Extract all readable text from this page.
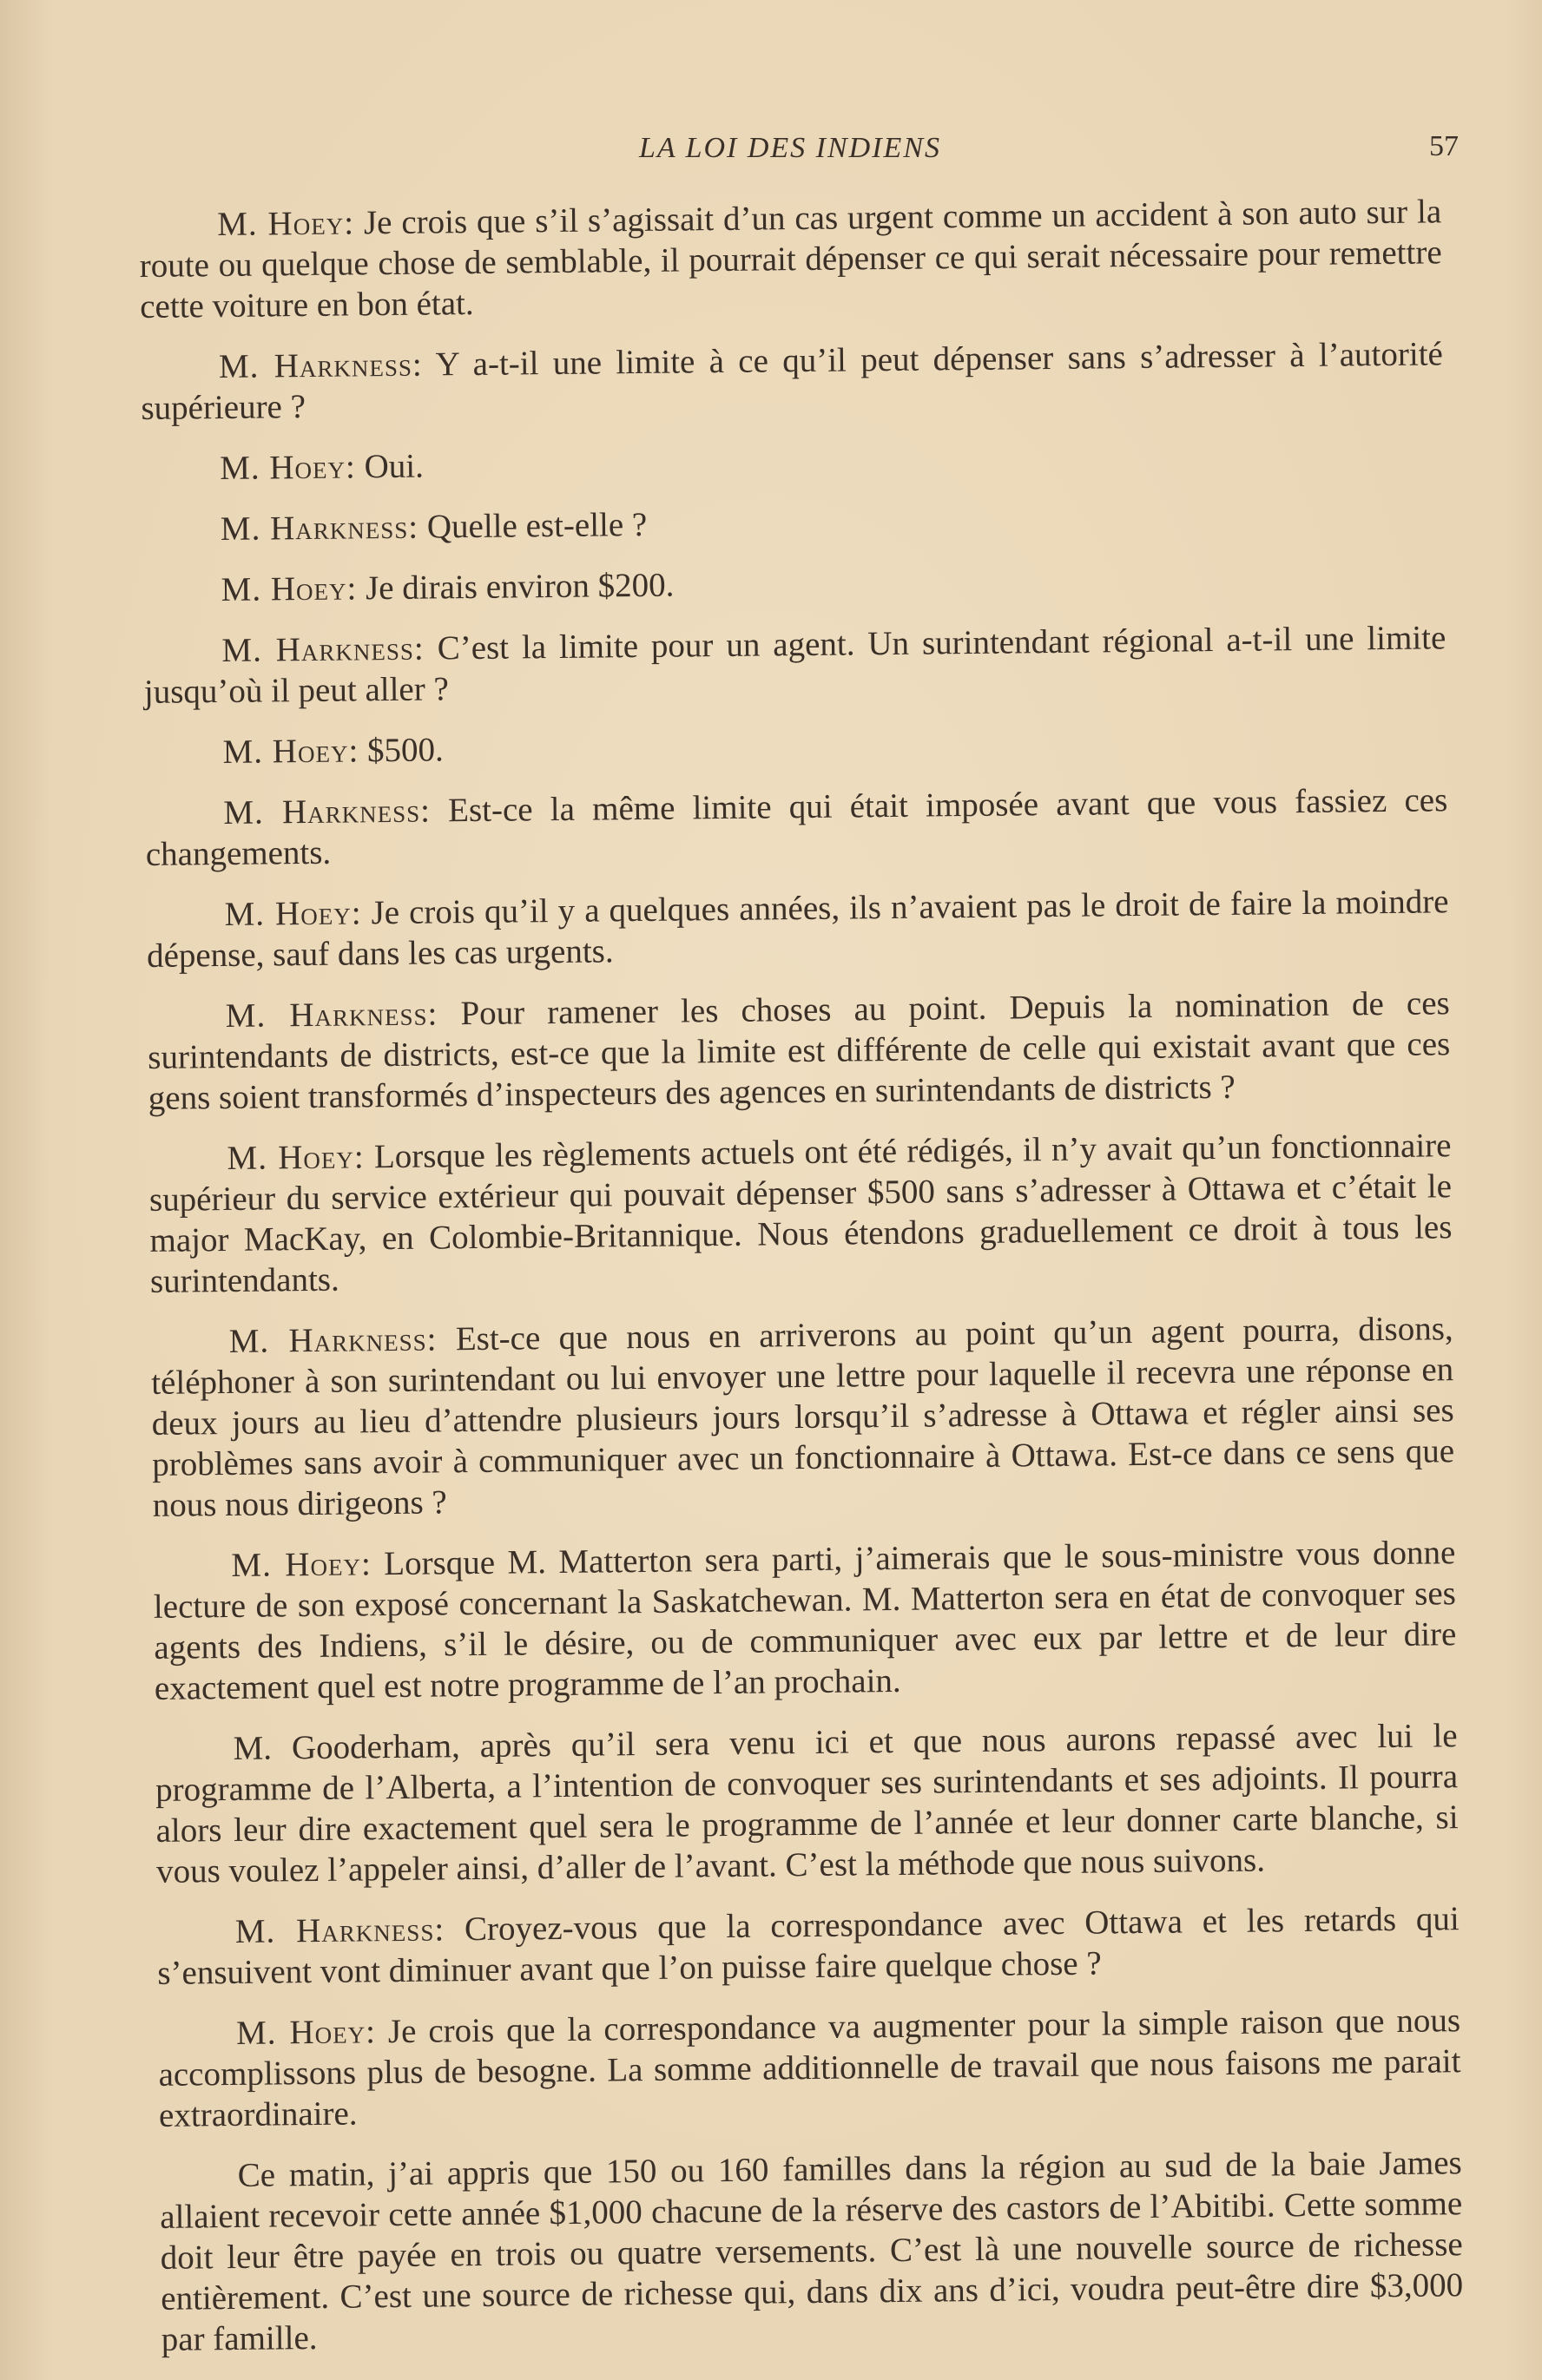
LA LOI DES INDIENS	57

M. Hoey: Je crois que s’il s’agissait d’un cas urgent comme un accident à son auto sur la route ou quelque chose de semblable, il pourrait dépenser ce qui serait nécessaire pour remettre cette voiture en bon état.

M. Harkness: Y a-t-il une limite à ce qu’il peut dépenser sans s’adresser à l’autorité supérieure ?

M. Hoey: Oui.

M. Harkness: Quelle est-elle ?

M. Hoey: Je dirais environ $200.

M. Harkness: C’est la limite pour un agent. Un surintendant régional a-t-il une limite jusqu’où il peut aller ?

M. Hoey: $500.

M. Harkness: Est-ce la même limite qui était imposée avant que vous fassiez ces changements.

M. Hoey: Je crois qu’il y a quelques années, ils n’avaient pas le droit de faire la moindre dépense, sauf dans les cas urgents.

M. Harkness: Pour ramener les choses au point. Depuis la nomination de ces surintendants de districts, est-ce que la limite est différente de celle qui existait avant que ces gens soient transformés d’inspecteurs des agences en surintendants de districts ?

M. Hoey: Lorsque les règlements actuels ont été rédigés, il n’y avait qu’un fonctionnaire supérieur du service extérieur qui pouvait dépenser $500 sans s’adresser à Ottawa et c’était le major MacKay, en Colombie-Britannique. Nous étendons graduellement ce droit à tous les surintendants.

M. Harkness: Est-ce que nous en arriverons au point qu’un agent pourra, disons, téléphoner à son surintendant ou lui envoyer une lettre pour laquelle il recevra une réponse en deux jours au lieu d’attendre plusieurs jours lorsqu’il s’adresse à Ottawa et régler ainsi ses problèmes sans avoir à communiquer avec un fonctionnaire à Ottawa. Est-ce dans ce sens que nous nous dirigeons ?

M. Hoey: Lorsque M. Matterton sera parti, j’aimerais que le sous-ministre vous donne lecture de son exposé concernant la Saskatchewan. M. Matterton sera en état de convoquer ses agents des Indiens, s’il le désire, ou de communiquer avec eux par lettre et de leur dire exactement quel est notre programme de l’an prochain.

M. Gooderham, après qu’il sera venu ici et que nous aurons repassé avec lui le programme de l’Alberta, a l’intention de convoquer ses surintendants et ses adjoints. Il pourra alors leur dire exactement quel sera le programme de l’année et leur donner carte blanche, si vous voulez l’appeler ainsi, d’aller de l’avant. C’est la méthode que nous suivons.

M. Harkness: Croyez-vous que la correspondance avec Ottawa et les retards qui s’ensuivent vont diminuer avant que l’on puisse faire quelque chose ?

M. Hoey: Je crois que la correspondance va augmenter pour la simple raison que nous accomplissons plus de besogne. La somme additionnelle de travail que nous faisons me parait extraordinaire.

Ce matin, j’ai appris que 150 ou 160 familles dans la région au sud de la baie James allaient recevoir cette année $1,000 chacune de la réserve des castors de l’Abitibi. Cette somme doit leur être payée en trois ou quatre versements. C’est là une nouvelle source de richesse entièrement. C’est une source de richesse qui, dans dix ans d’ici, voudra peut-être dire $3,000 par famille.
